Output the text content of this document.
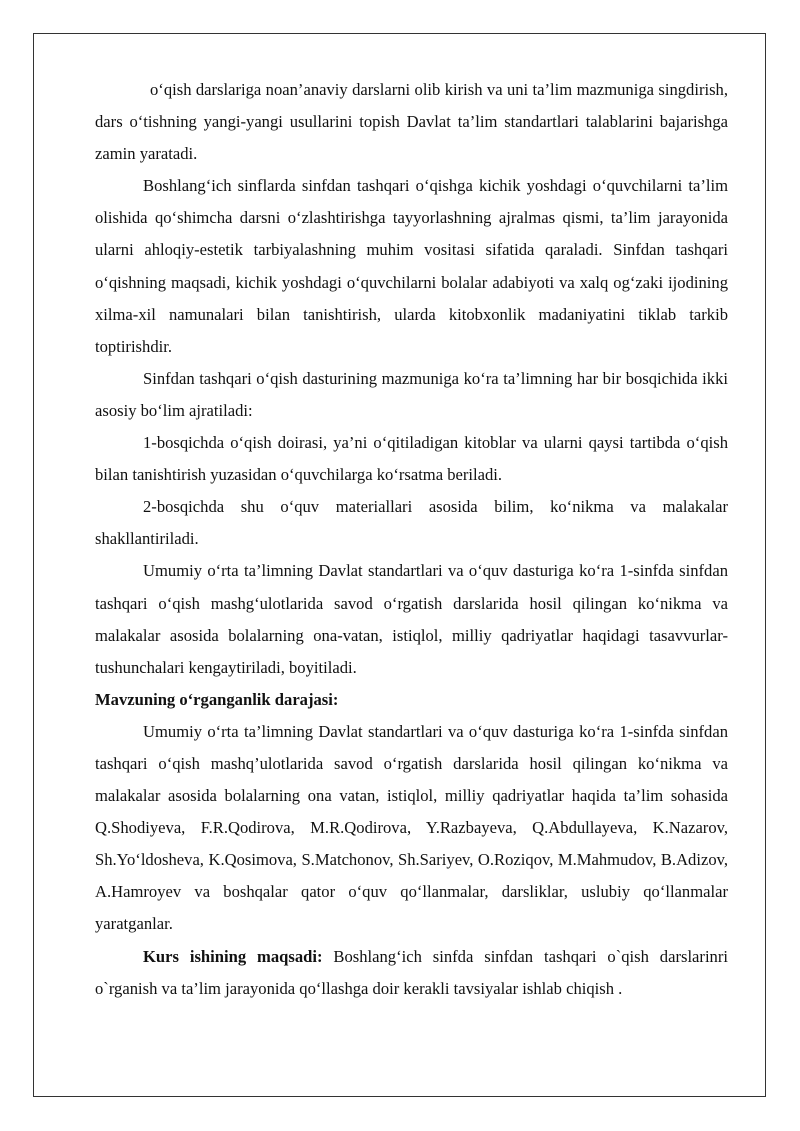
o‘qish darslariga noan’anaviy darslarni olib kirish va uni ta’lim mazmuniga singdirish, dars o‘tishning yangi-yangi usullarini topish Davlat ta’lim standartlari talablarini bajarishga zamin yaratadi.

Boshlang‘ich sinflarda sinfdan tashqari o‘qishga kichik yoshdagi o‘quvchilarni ta’lim olishida qo‘shimcha darsni o‘zlashtirishga tayyorlashning ajralmas qismi, ta’lim jarayonida ularni ahloqiy-estetik tarbiyalashning muhim vositasi sifatida qaraladi. Sinfdan tashqari o‘qishning maqsadi, kichik yoshdagi o‘quvchilarni bolalar adabiyoti va xalq og‘zaki ijodining xilma-xil namunalari bilan tanishtirish, ularda kitobxonlik madaniyatini tiklab tarkib toptirishdir.

Sinfdan tashqari o‘qish dasturining mazmuniga ko‘ra ta’limning har bir bosqichida ikki asosiy bo‘lim ajratiladi:

1-bosqichda o‘qish doirasi, ya’ni o‘qitiladigan kitoblar va ularni qaysi tartibda o‘qish bilan tanishtirish yuzasidan o‘quvchilarga ko‘rsatma beriladi.

2-bosqichda shu o‘quv materiallari asosida bilim, ko‘nikma va malakalar shakllantiriladi.

Umumiy o‘rta ta’limning Davlat standartlari va o‘quv dasturiga ko‘ra 1-sinfda sinfdan tashqari o‘qish mashg‘ulotlarida savod o‘rgatish darslarida hosil qilingan ko‘nikma va malakalar asosida bolalarning ona-vatan, istiqlol, milliy qadriyatlar haqidagi tasavvurlar-tushunchalari kengaytiriladi, boyitiladi.

Mavzuning o‘rganganlik darajasi:

Umumiy o‘rta ta’limning Davlat standartlari va o‘quv dasturiga ko‘ra 1-sinfda sinfdan tashqari o‘qish mashq’ulotlarida savod o‘rgatish darslarida hosil qilingan ko‘nikma va malakalar asosida bolalarning ona vatan, istiqlol, milliy qadriyatlar haqida ta’lim sohasida Q.Shodiyeva, F.R.Qodirova, M.R.Qodirova, Y.Razbayeva, Q.Abdullayeva, K.Nazarov, Sh.Yo‘ldosheva, K.Qosimova, S.Matchonov, Sh.Sariyev, O.Roziqov, M.Mahmudov, B.Adizov, A.Hamroyev va boshqalar qator o‘quv qo‘llanmalar, darsliklar, uslubiy qo‘llanmalar yaratganlar.

Kurs ishining maqsadi: Boshlang‘ich sinfda sinfdan tashqari o`qish darslarinri o`rganish va ta’lim jarayonida qo‘llashga doir kerakli tavsiyalar ishlab chiqish .
